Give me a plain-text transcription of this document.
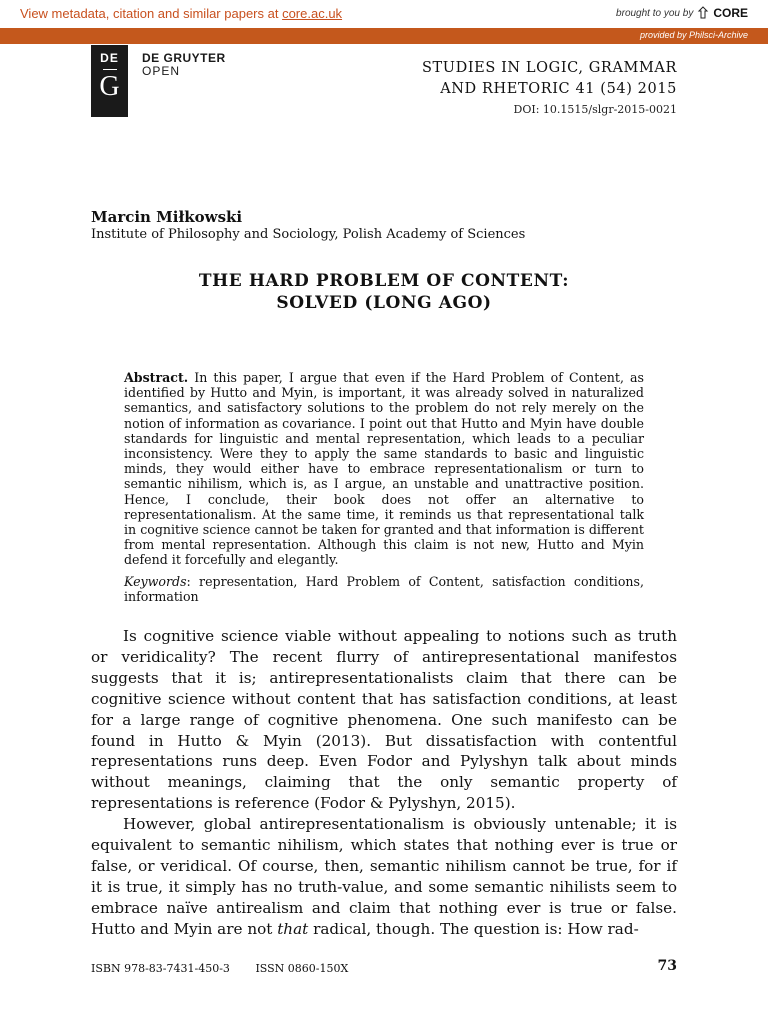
View metadata, citation and similar papers at core.ac.uk	brought to you by CORE
provided by Philsci-Archive
DE
G
DE GRUYTER
OPEN	STUDIES IN LOGIC, GRAMMAR
AND RHETORIC 41 (54) 2015
DOI: 10.1515/slgr-2015-0021
Marcin Miłkowski
Institute of Philosophy and Sociology, Polish Academy of Sciences
THE HARD PROBLEM OF CONTENT:
SOLVED (LONG AGO)
Abstract. In this paper, I argue that even if the Hard Problem of Content, as identified by Hutto and Myin, is important, it was already solved in naturalized semantics, and satisfactory solutions to the problem do not rely merely on the notion of information as covariance. I point out that Hutto and Myin have double standards for linguistic and mental representation, which leads to a peculiar inconsistency. Were they to apply the same standards to basic and linguistic minds, they would either have to embrace representationalism or turn to semantic nihilism, which is, as I argue, an unstable and unattractive position. Hence, I conclude, their book does not offer an alternative to representationalism. At the same time, it reminds us that representational talk in cognitive science cannot be taken for granted and that information is different from mental representation. Although this claim is not new, Hutto and Myin defend it forcefully and elegantly.
Keywords: representation, Hard Problem of Content, satisfaction conditions, information

Is cognitive science viable without appealing to notions such as truth or veridicality? The recent flurry of antirepresentational manifestos suggests that it is; antirepresentationalists claim that there can be cognitive science without content that has satisfaction conditions, at least for a large range of cognitive phenomena. One such manifesto can be found in Hutto & Myin (2013). But dissatisfaction with contentful representations runs deep. Even Fodor and Pylyshyn talk about minds without meanings, claiming that the only semantic property of representations is reference (Fodor & Pylyshyn, 2015).

However, global antirepresentationalism is obviously untenable; it is equivalent to semantic nihilism, which states that nothing ever is true or false, or veridical. Of course, then, semantic nihilism cannot be true, for if it is true, it simply has no truth-value, and some semantic nihilists seem to embrace naïve antirealism and claim that nothing ever is true or false. Hutto and Myin are not that radical, though. The question is: How rad-

ISBN 978-83-7431-450-3 ISSN 0860-150X	73
